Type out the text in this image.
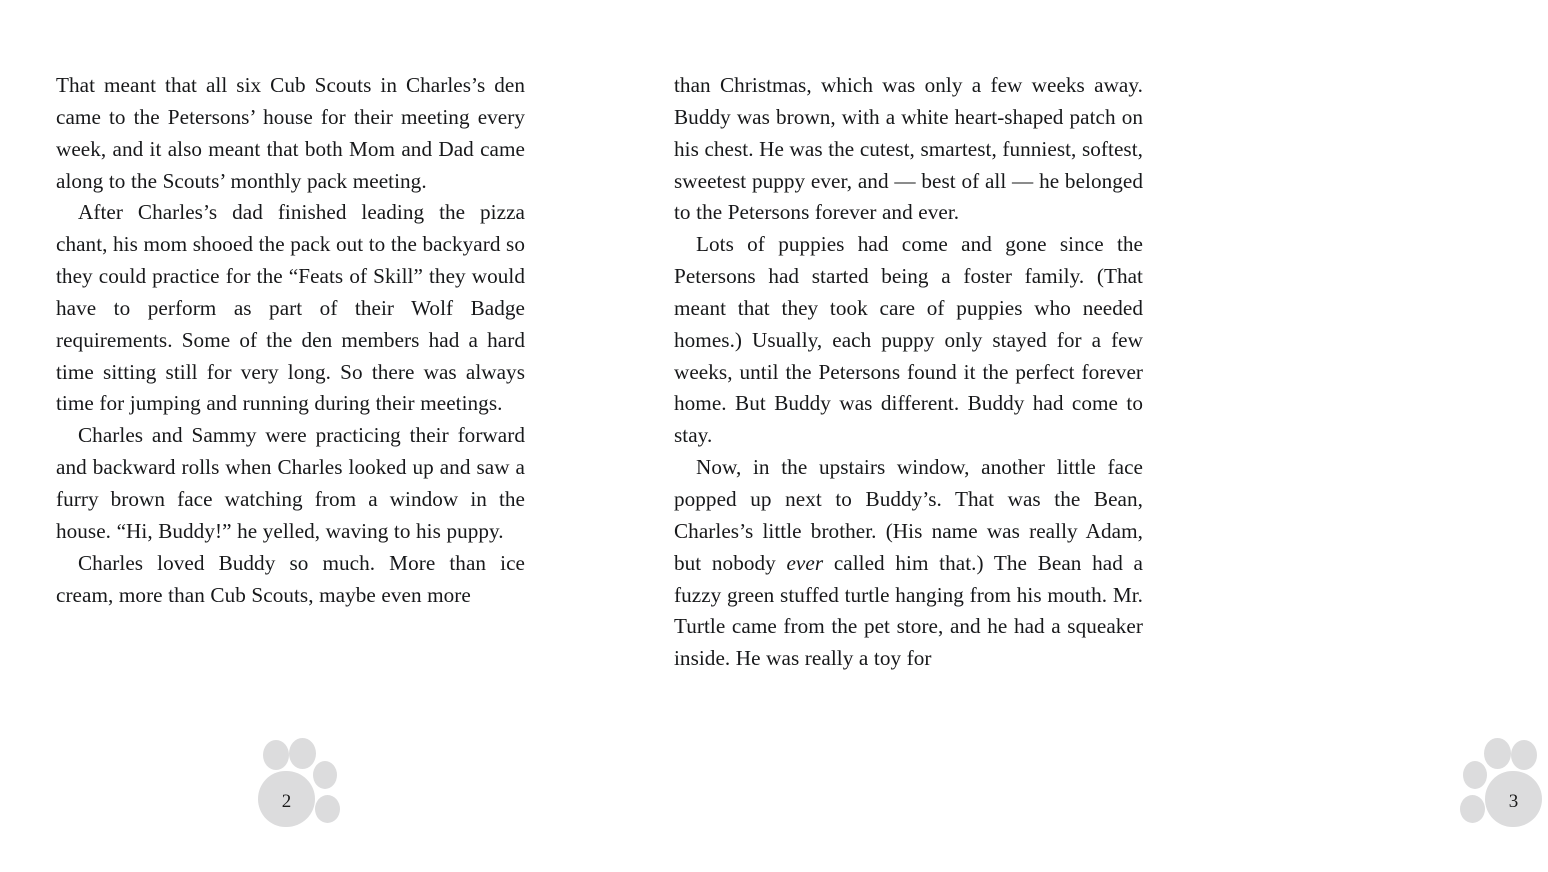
That meant that all six Cub Scouts in Charles’s den came to the Petersons’ house for their meeting every week, and it also meant that both Mom and Dad came along to the Scouts’ monthly pack meeting.

After Charles’s dad finished leading the pizza chant, his mom shooed the pack out to the backyard so they could practice for the “Feats of Skill” they would have to perform as part of their Wolf Badge requirements. Some of the den members had a hard time sitting still for very long. So there was always time for jumping and running during their meetings.

Charles and Sammy were practicing their forward and backward rolls when Charles looked up and saw a furry brown face watching from a window in the house. “Hi, Buddy!” he yelled, waving to his puppy.

Charles loved Buddy so much. More than ice cream, more than Cub Scouts, maybe even more

2

than Christmas, which was only a few weeks away. Buddy was brown, with a white heart-shaped patch on his chest. He was the cutest, smartest, funniest, softest, sweetest puppy ever, and — best of all — he belonged to the Petersons forever and ever.

Lots of puppies had come and gone since the Petersons had started being a foster family. (That meant that they took care of puppies who needed homes.) Usually, each puppy only stayed for a few weeks, until the Petersons found it the perfect forever home. But Buddy was different. Buddy had come to stay.

Now, in the upstairs window, another little face popped up next to Buddy’s. That was the Bean, Charles’s little brother. (His name was really Adam, but nobody ever called him that.) The Bean had a fuzzy green stuffed turtle hanging from his mouth. Mr. Turtle came from the pet store, and he had a squeaker inside. He was really a toy for

3
